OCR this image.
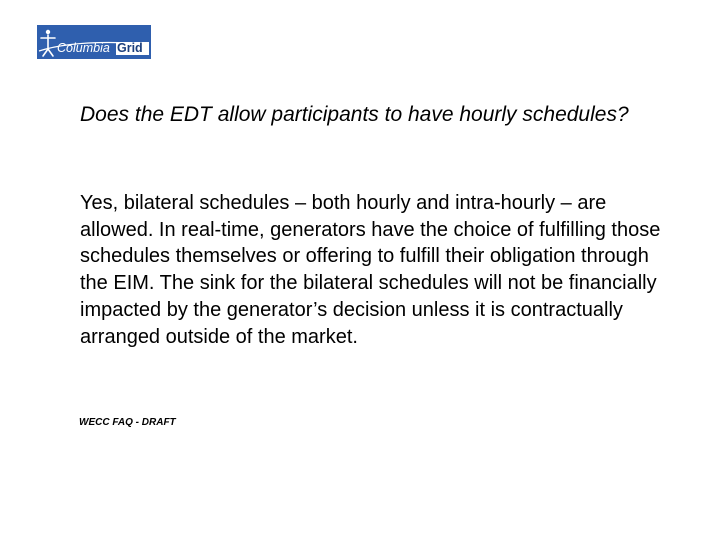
Columbia Grid
Does the EDT allow participants to have hourly schedules?

Yes, bilateral schedules – both hourly and intra-hourly – are allowed. In real-time, generators have the choice of fulfilling those schedules themselves or offering to fulfill their obligation through the EIM. The sink for the bilateral schedules will not be financially impacted by the generator’s decision unless it is contractually arranged outside of the market.

WECC FAQ - DRAFT
